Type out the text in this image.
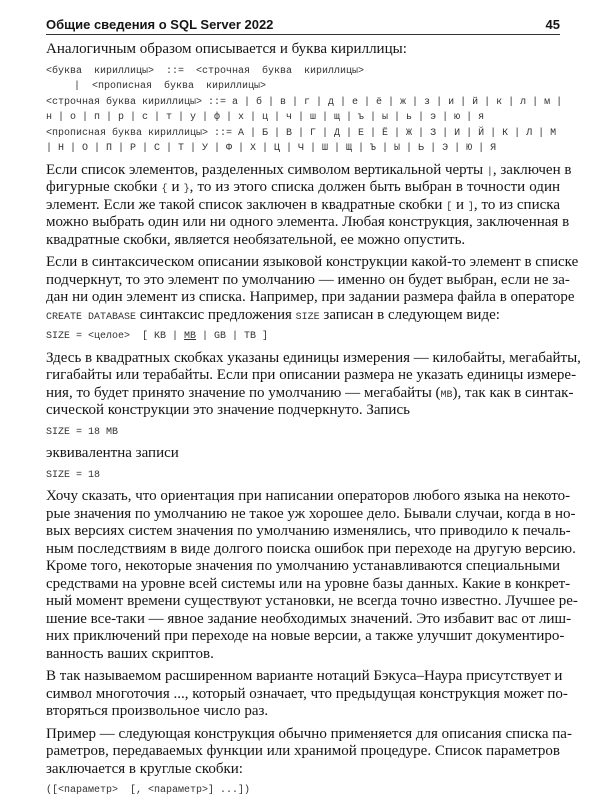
Общие сведения о SQL Server 2022	45
Аналогичным образом описывается и буква кириллицы:
<буква  кириллицы>  ::=  <строчная  буква  кириллицы>
|  <прописная  буква  кириллицы>
<строчная буква кириллицы> ::= а | б | в | г | д | е | ё | ж | з | и | й | к | л | м |
н | о | п | р | с | т | у | ф | х | ц | ч | ш | щ | ъ | ы | ь | э | ю | я
<прописная буква кириллицы> ::= А | Б | В | Г | Д | Е | Ё | Ж | З | И | Й | К | Л | М
| Н | О | П | Р | С | Т | У | Ф | Х | Ц | Ч | Ш | Щ | Ъ | Ы | Ь | Э | Ю | Я
Если список элементов, разделенных символом вертикальной черты |, заключен в
фигурные скобки { и }, то из этого списка должен быть выбран в точности один
элемент. Если же такой список заключен в квадратные скобки [ и ], то из списка
можно выбрать один или ни одного элемента. Любая конструкция, заключенная в
квадратные скобки, является необязательной, ее можно опустить.
Если в синтаксическом описании языковой конструкции какой-то элемент в списке
подчеркнут, то это элемент по умолчанию — именно он будет выбран, если не за-
дан ни один элемент из списка. Например, при задании размера файла в операторе
CREATE DATABASE синтаксис предложения SIZE записан в следующем виде:
SIZE = <целое>  [ KB | MB | GB | TB ]
Здесь в квадратных скобках указаны единицы измерения — килобайты, мегабайты,
гигабайты или терабайты. Если при описании размера не указать единицы измере-
ния, то будет принято значение по умолчанию — мегабайты (MB), так как в синтак-
сической конструкции это значение подчеркнуто. Запись
SIZE = 18 MB
эквивалентна записи
SIZE = 18
Хочу сказать, что ориентация при написании операторов любого языка на некото-
рые значения по умолчанию не такое уж хорошее дело. Бывали случаи, когда в но-
вых версиях систем значения по умолчанию изменялись, что приводило к печаль-
ным последствиям в виде долгого поиска ошибок при переходе на другую версию.
Кроме того, некоторые значения по умолчанию устанавливаются специальными
средствами на уровне всей системы или на уровне базы данных. Какие в конкрет-
ный момент времени существуют установки, не всегда точно известно. Лучшее ре-
шение все-таки — явное задание необходимых значений. Это избавит вас от лиш-
них приключений при переходе на новые версии, а также улучшит документиро-
ванность ваших скриптов.
В так называемом расширенном варианте нотаций Бэкуса–Наура присутствует и
символ многоточия ..., который означает, что предыдущая конструкция может по-
вторяться произвольное число раз.
Пример — следующая конструкция обычно применяется для описания списка па-
раметров, передаваемых функции или хранимой процедуре. Список параметров
заключается в круглые скобки:
([<параметр>  [, <параметр>] ...])
